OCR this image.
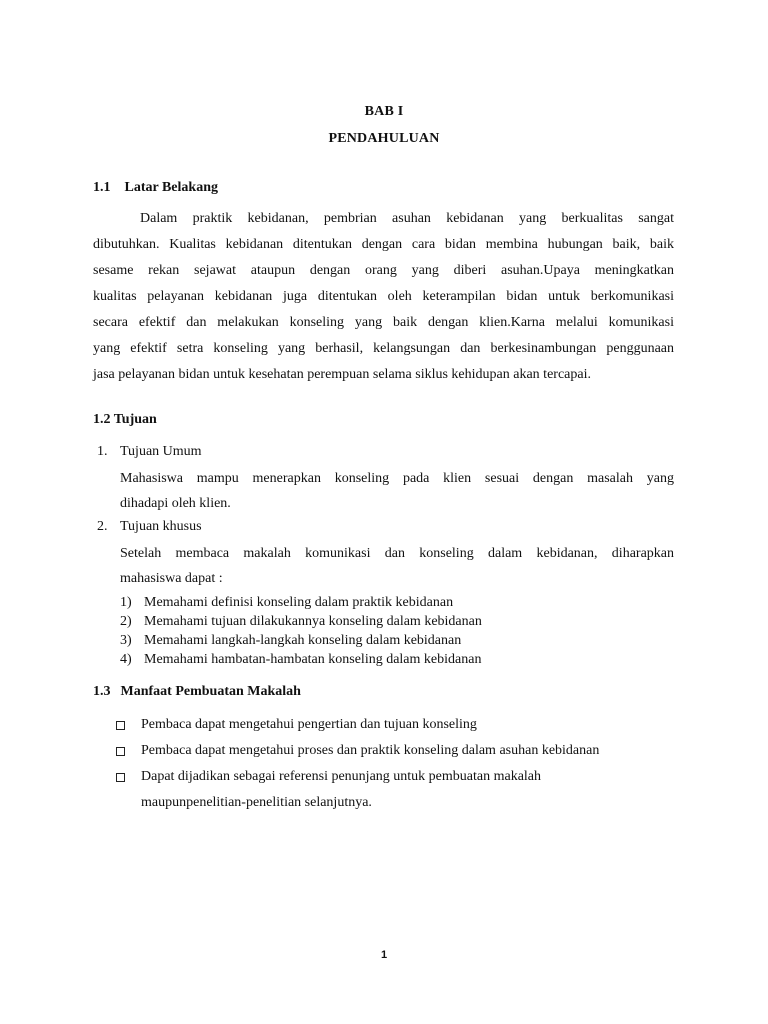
BAB I
PENDAHULUAN
1.1 Latar Belakang

Dalam praktik kebidanan, pembrian asuhan kebidanan yang berkualitas sangat
dibutuhkan. Kualitas kebidanan ditentukan dengan cara bidan membina hubungan baik, baik
sesame rekan sejawat ataupun dengan orang yang diberi asuhan.Upaya meningkatkan
kualitas pelayanan kebidanan juga ditentukan oleh keterampilan bidan untuk berkomunikasi
secara efektif dan melakukan konseling yang baik dengan klien.Karna melalui komunikasi
yang efektif setra konseling yang berhasil, kelangsungan dan berkesinambungan penggunaan
jasa pelayanan bidan untuk kesehatan perempuan selama siklus kehidupan akan tercapai.

1.2 Tujuan
1. Tujuan Umum

Mahasiswa mampu menerapkan konseling pada klien sesuai dengan masalah yang
dihadapi oleh klien.

2. Tujuan khusus

Setelah membaca makalah komunikasi dan konseling dalam kebidanan, diharapkan
mahasiswa dapat :

1) Memahami definisi konseling dalam praktik kebidanan
2) Memahami tujuan dilakukannya konseling dalam kebidanan
3) Memahami langkah-langkah konseling dalam kebidanan
4) Memahami hambatan-hambatan konseling dalam kebidanan
1.3 Manfaat Pembuatan Makalah
Pembaca dapat mengetahui pengertian dan tujuan konseling
Pembaca dapat mengetahui proses dan praktik konseling dalam asuhan kebidanan
Dapat dijadikan sebagai referensi penunjang untuk pembuatan makalah
maupunpenelitian-penelitian selanjutnya.
1
